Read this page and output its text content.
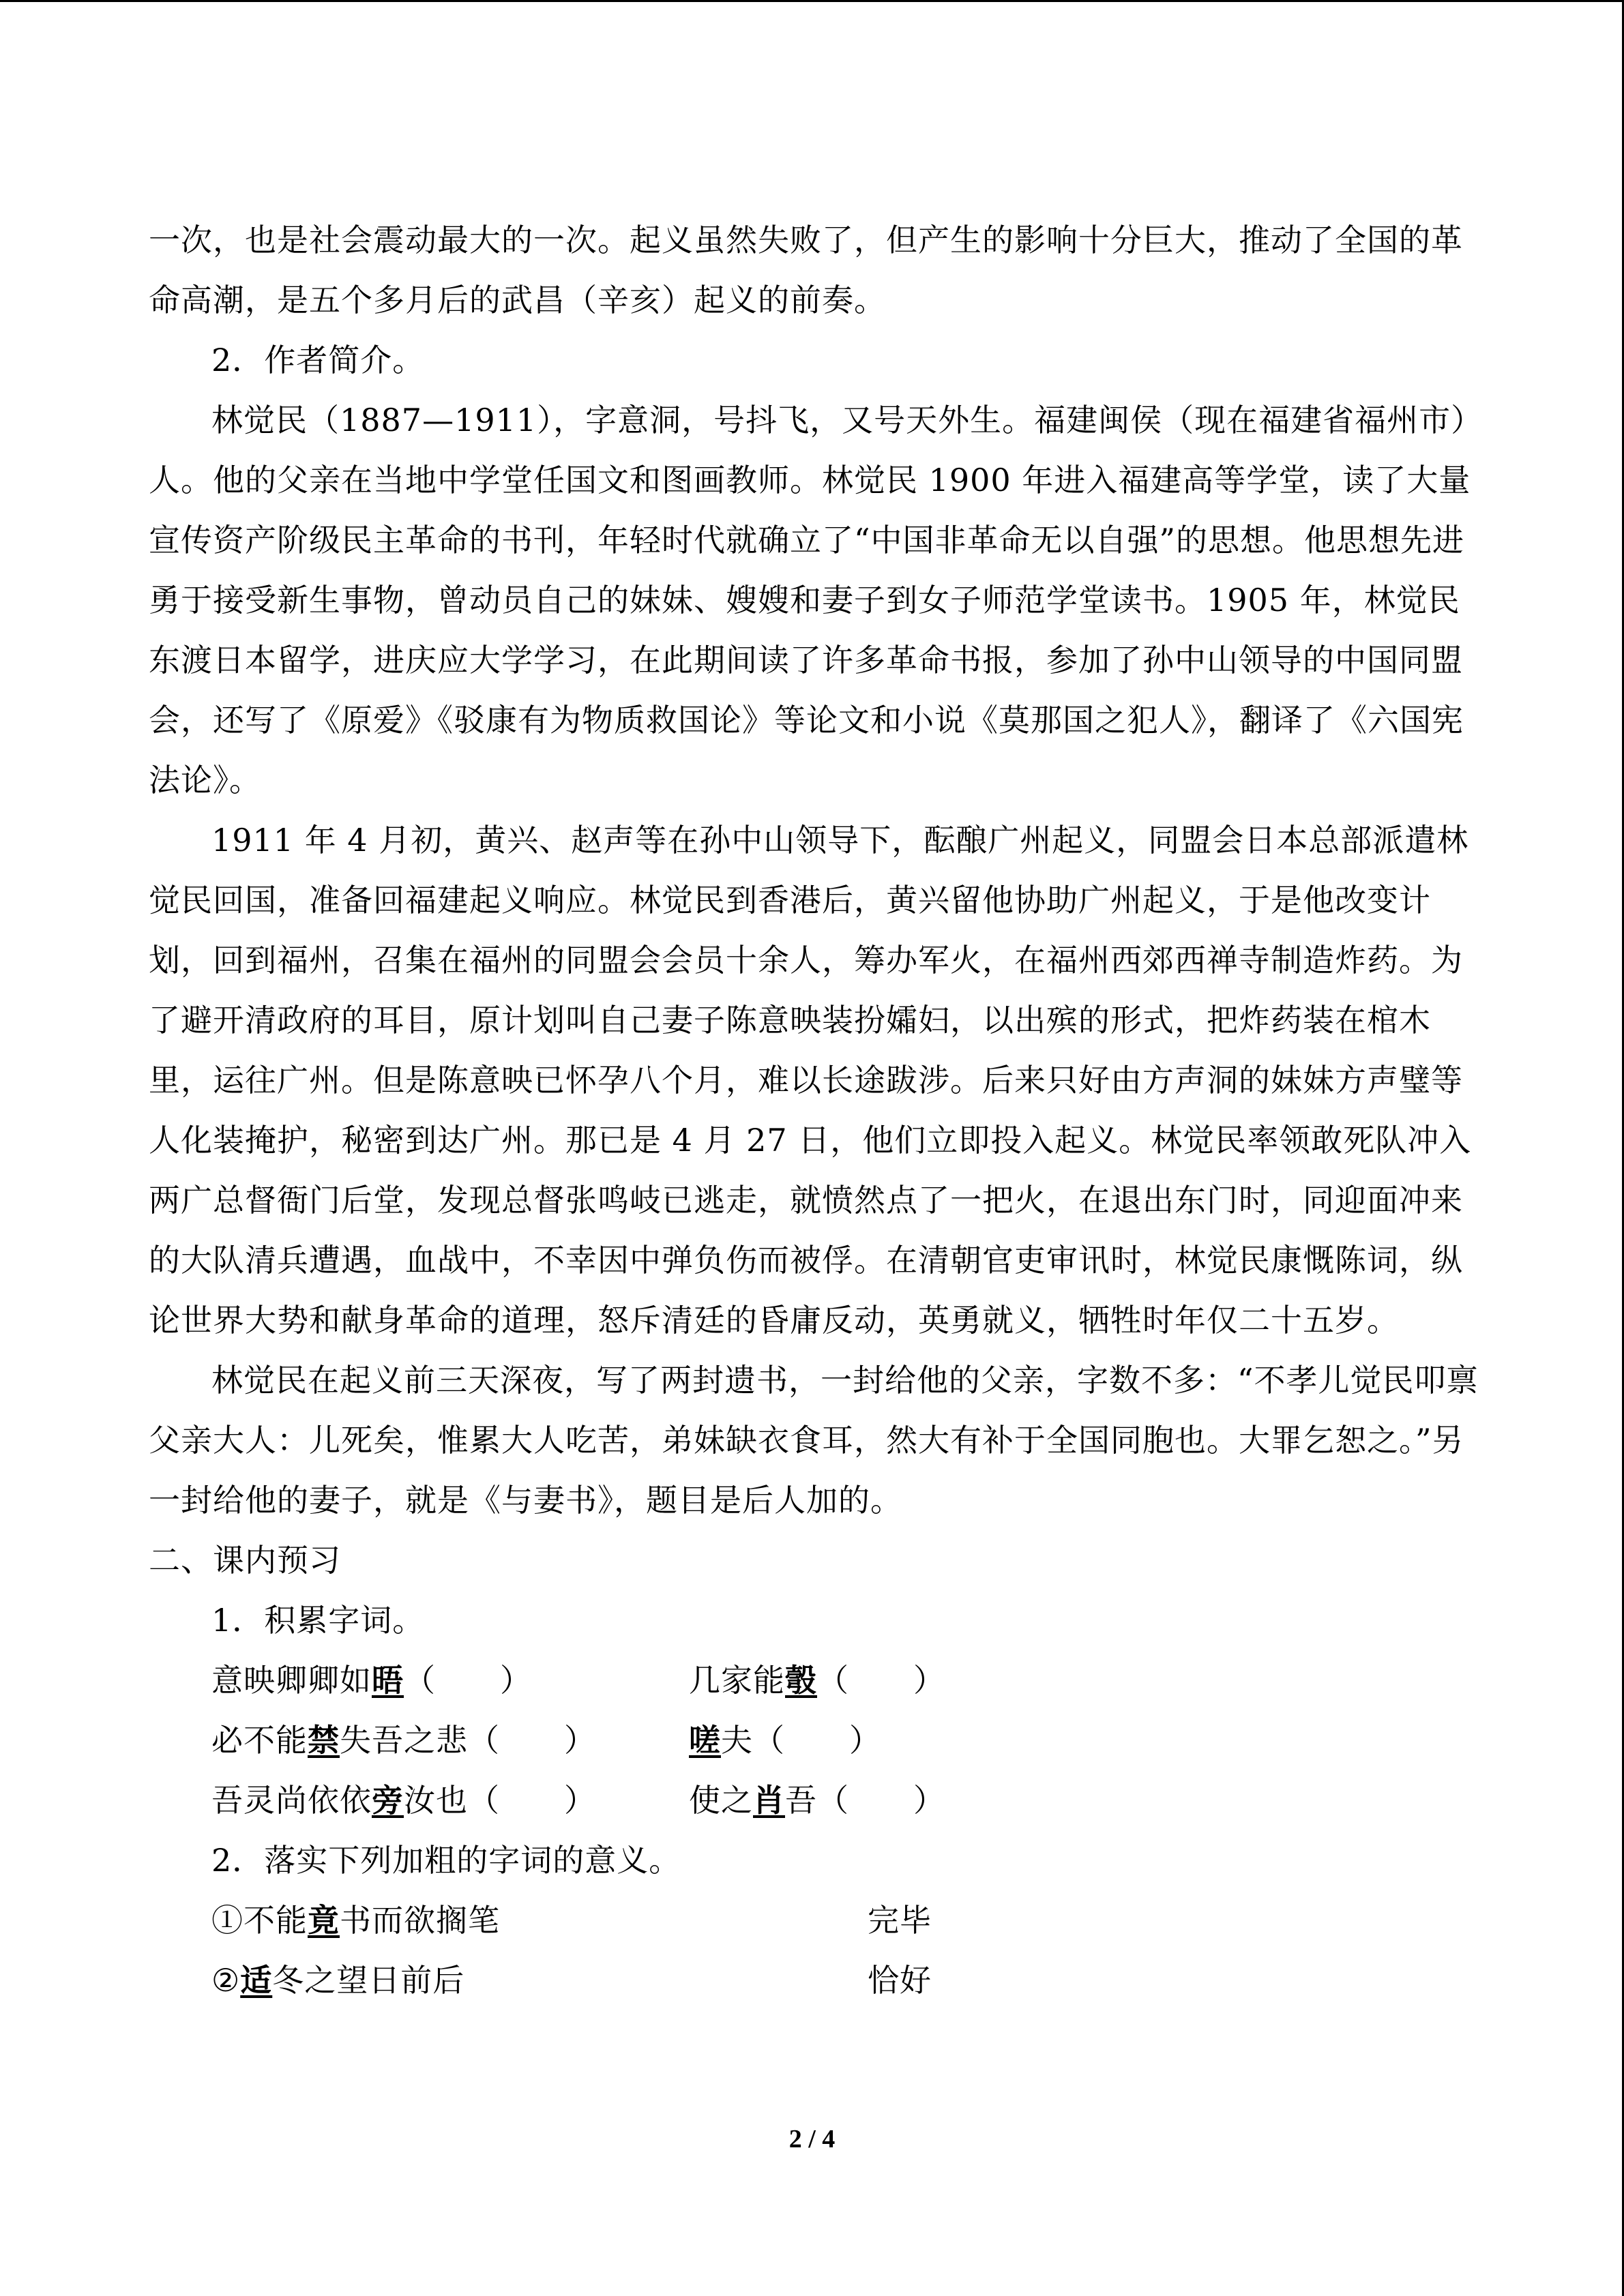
一次，也是社会震动最大的一次。起义虽然失败了，但产生的影响十分巨大，推动了全国的革命高潮，是五个多月后的武昌（辛亥）起义的前奏。

2．作者简介。

林觉民（1887—1911），字意洞，号抖飞，又号天外生。福建闽侯（现在福建省福州市）人。他的父亲在当地中学堂任国文和图画教师。林觉民 1900 年进入福建高等学堂，读了大量宣传资产阶级民主革命的书刊，年轻时代就确立了“中国非革命无以自强”的思想。他思想先进勇于接受新生事物，曾动员自己的妹妹、嫂嫂和妻子到女子师范学堂读书。1905 年，林觉民东渡日本留学，进庆应大学学习，在此期间读了许多革命书报，参加了孙中山领导的中国同盟会，还写了《原爱》《驳康有为物质救国论》等论文和小说《莫那国之犯人》，翻译了《六国宪法论》。

1911 年 4 月初，黄兴、赵声等在孙中山领导下，酝酿广州起义，同盟会日本总部派遣林觉民回国，准备回福建起义响应。林觉民到香港后，黄兴留他协助广州起义，于是他改变计划，回到福州，召集在福州的同盟会会员十余人，筹办军火，在福州西郊西禅寺制造炸药。为了避开清政府的耳目，原计划叫自己妻子陈意映装扮孀妇，以出殡的形式，把炸药装在棺木里，运往广州。但是陈意映已怀孕八个月，难以长途跋涉。后来只好由方声洞的妹妹方声璧等人化装掩护，秘密到达广州。那已是 4 月 27 日，他们立即投入起义。林觉民率领敢死队冲入两广总督衙门后堂，发现总督张鸣岐已逃走，就愤然点了一把火，在退出东门时，同迎面冲来的大队清兵遭遇，血战中，不幸因中弹负伤而被俘。在清朝官吏审讯时，林觉民康慨陈词，纵论世界大势和献身革命的道理，怒斥清廷的昏庸反动，英勇就义，牺牲时年仅二十五岁。

林觉民在起义前三天深夜，写了两封遗书，一封给他的父亲，字数不多：“不孝儿觉民叩禀父亲大人：儿死矣，惟累大人吃苦，弟妹缺衣食耳，然大有补于全国同胞也。大罪乞恕之。”另一封给他的妻子，就是《与妻书》，题目是后人加的。

二、课内预习

1．积累字词。

意映卿卿如晤（　　）	几家能彀（　　）
必不能禁失吾之悲（　　）	嗟夫（　　）
吾灵尚依依旁汝也（　　）	使之肖吾（　　）

2．落实下列加粗的字词的意义。

①不能竟书而欲搁笔	完毕
②适冬之望日前后	恰好
2 / 4
